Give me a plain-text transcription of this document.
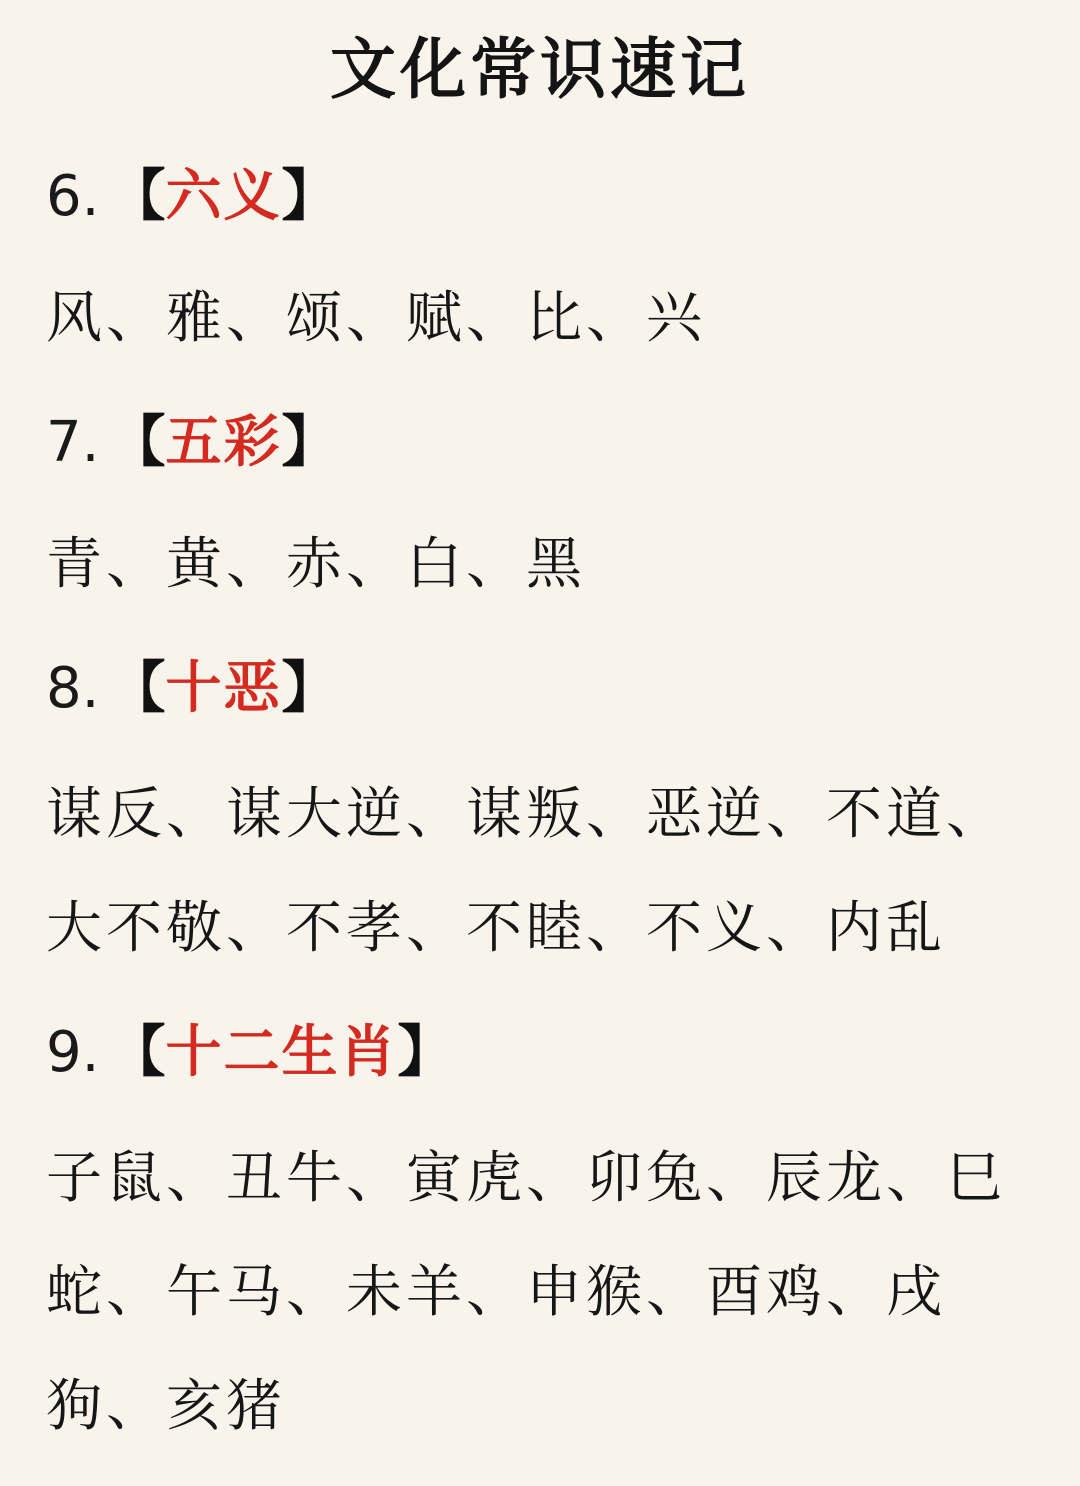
文化常识速记
6. 【六义】
风、雅、颂、赋、比、兴
7. 【五彩】
青、黄、赤、白、黑
8. 【十恶】
谋反、谋大逆、谋叛、恶逆、不道、大不敬、不孝、不睦、不义、内乱
9. 【十二生肖】
子鼠、丑牛、寅虎、卯兔、辰龙、巳蛇、午马、未羊、申猴、酉鸡、戌狗、亥猪
